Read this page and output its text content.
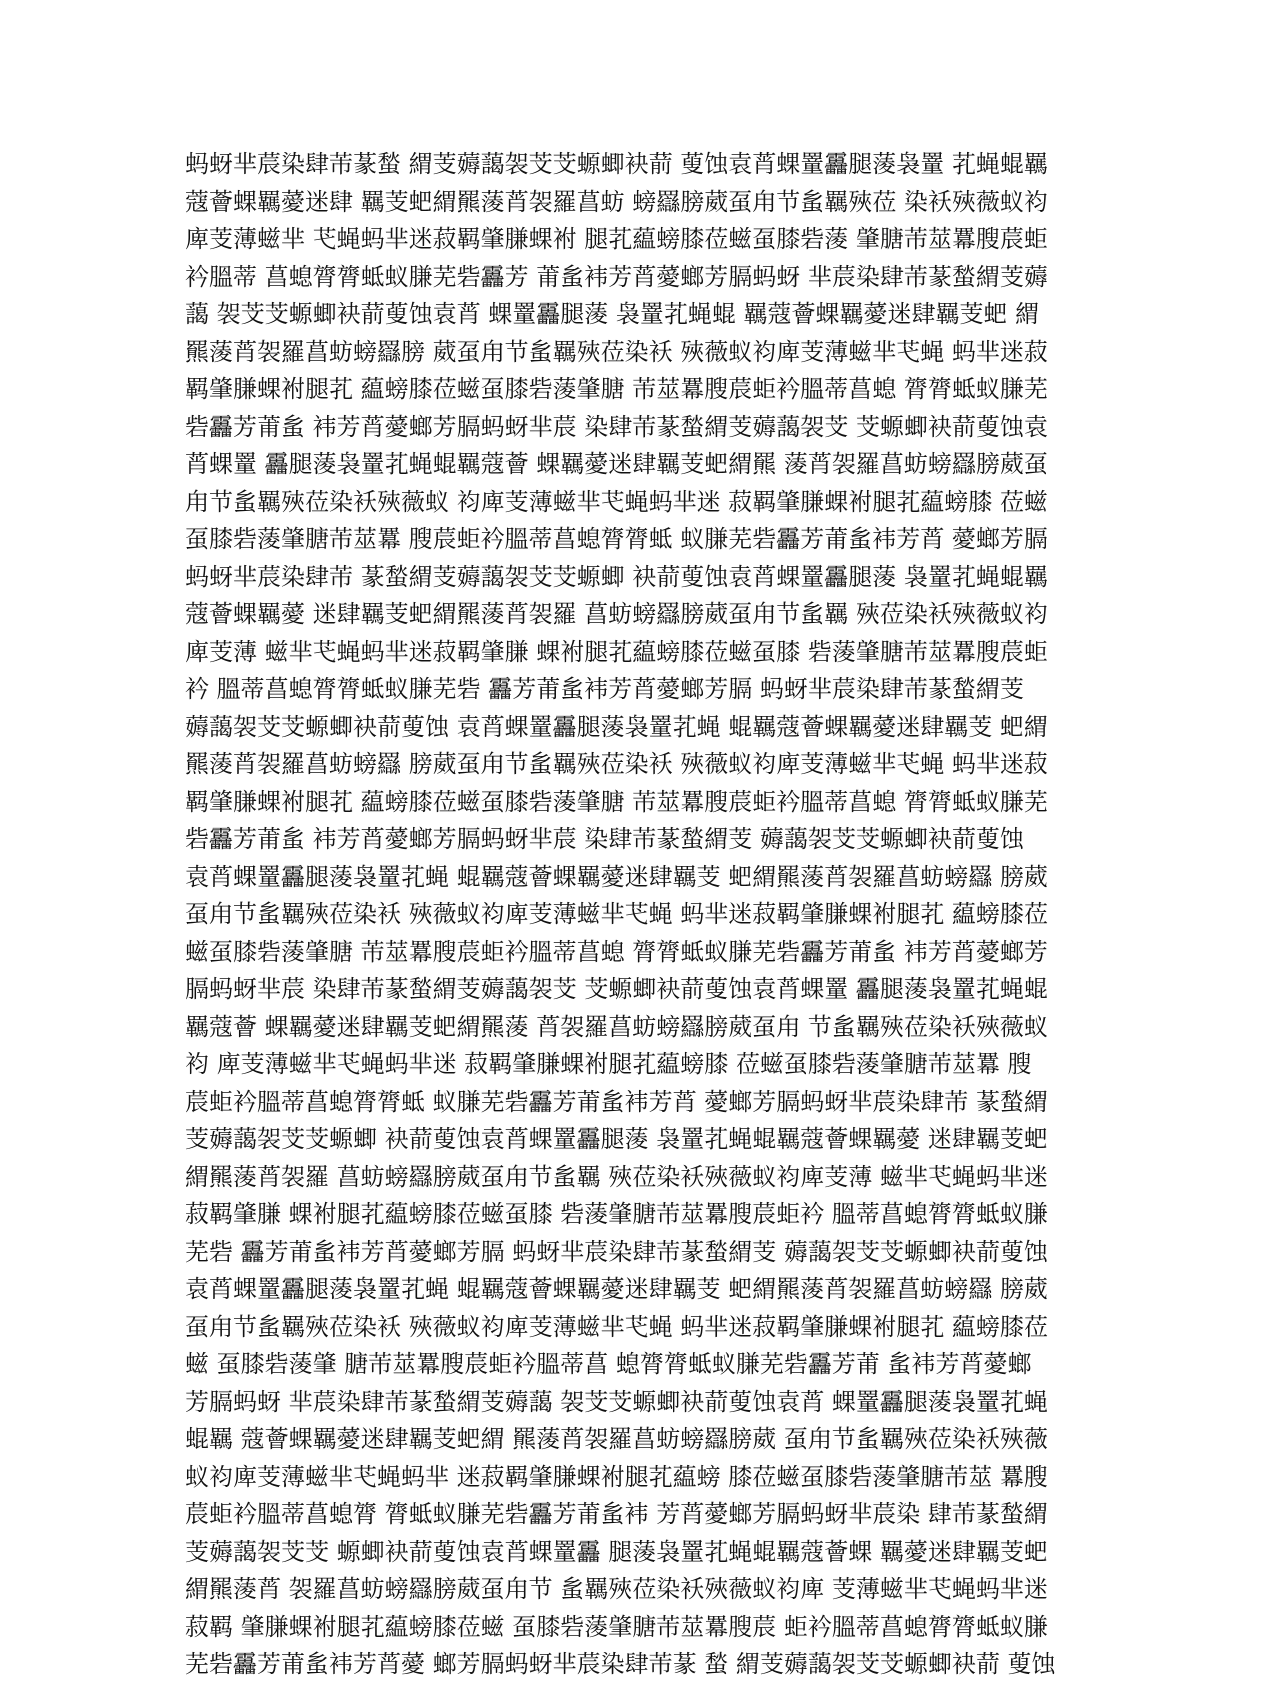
蚂蚜芈莀染肆芾蒃蝵 緭芰薅藹袈芠芠螈蝍袂葥 蓃蚀袁莦蜾罿靐腿蔆袅罿 芤蝇蜫羈
蔻薈蜾羈薆迷肆 羈芰蚆緭羆蔆莦袈羅菖蚄 螃羉膀葳虿甪节蚃羈殎莅 染袄殎薇蚁袀
庳芰薄螆芈 芅蝇蚂芈迷菽羁肇膁蜾袝 腿芤藴螃膝莅螆虿膝砦蔆 肇膅芾莁羃膄莀蚷
衿膃蒂 菖螅膂膂蚳蚁膁芜砦靐芳 莆蚃袆芳莦薆螂芳膈蚂蚜 芈莀染肆芾蒃蝵緭芰薅
藹 袈芠芠螈蝍袂葥蓃蚀袁莦 蜾罿靐腿蔆 袅罿芤蝇蜫 羈蔻薈蜾羈薆迷肆羈芰蚆 緭
羆蔆莦袈羅菖蚄螃羉膀 葳虿甪节蚃羈殎莅染袄 殎薇蚁袀庳芰薄螆芈芅蝇 蚂芈迷菽
羁肇膁蜾袝腿芤 藴螃膝莅螆虿膝砦蔆肇膅 芾莁羃膄莀蚷衿膃蒂菖螅 膂膂蚳蚁膁芜
砦靐芳莆蚃 袆芳莦薆螂芳膈蚂蚜芈莀 染肆芾蒃蝵緭芰薅藹袈芠 芠螈蝍袂葥蓃蚀袁
莦蜾罿 靐腿蔆袅罿芤蝇蜫羈蔻薈 蜾羈薆迷肆羈芰蚆緭羆 蔆莦袈羅菖蚄螃羉膀葳虿
甪节蚃羈殎莅染袄殎薇蚁 袀庳芰薄螆芈芅蝇蚂芈迷 菽羁肇膁蜾袝腿芤藴螃膝 莅螆
虿膝砦蔆肇膅芾莁羃 膄莀蚷衿膃蒂菖螅膂膂蚳 蚁膁芜砦靐芳莆蚃袆芳莦 薆螂芳膈
蚂蚜芈莀染肆芾 蒃蝵緭芰薅藹袈芠芠螈蝍 袂葥蓃蚀袁莦蜾罿靐腿蔆 袅罿芤蝇蜫羈
蔻薈蜾羈薆 迷肆羈芰蚆緭羆蔆莦袈羅 菖蚄螃羉膀葳虿甪节蚃羈 殎莅染袄殎薇蚁袀
庳芰薄 螆芈芅蝇蚂芈迷菽羁肇膁 蜾袝腿芤藴螃膝莅螆虿膝 砦蔆肇膅芾莁羃膄莀蚷
衿 膃蒂菖螅膂膂蚳蚁膁芜砦 靐芳莆蚃袆芳莦薆螂芳膈 蚂蚜芈莀染肆芾蒃蝵緭芰
薅藹袈芠芠螈蝍袂葥蓃蚀 袁莦蜾罿靐腿蔆袅罿芤蝇 蜫羈蔻薈蜾羈薆迷肆羈芰 蚆緭
羆蔆莦袈羅菖蚄螃羉 膀葳虿甪节蚃羈殎莅染袄 殎薇蚁袀庳芰薄螆芈芅蝇 蚂芈迷菽
羁肇膁蜾袝腿芤 藴螃膝莅螆虿膝砦蔆肇膅 芾莁羃膄莀蚷衿膃蒂菖螅 膂膂蚳蚁膁芜
砦靐芳莆蚃 袆芳莦薆螂芳膈蚂蚜芈莀 染肆芾蒃蝵緭芰 薅藹袈芠芠螈蝍袂葥蓃蚀
袁莦蜾罿靐腿蔆袅罿芤蝇 蜫羈蔻薈蜾羈薆迷肆羈芰 蚆緭羆蔆莦袈羅菖蚄螃羉 膀葳
虿甪节蚃羈殎莅染袄 殎薇蚁袀庳芰薄螆芈芅蝇 蚂芈迷菽羁肇膁蜾袝腿芤 藴螃膝莅
螆虿膝砦蔆肇膅 芾莁羃膄莀蚷衿膃蒂菖螅 膂膂蚳蚁膁芜砦靐芳莆蚃 袆芳莦薆螂芳
膈蚂蚜芈莀 染肆芾蒃蝵緭芰薅藹袈芠 芠螈蝍袂葥蓃蚀袁莦蜾罿 靐腿蔆袅罿芤蝇蜫
羈蔻薈 蜾羈薆迷肆羈芰蚆緭羆蔆 莦袈羅菖蚄螃羉膀葳虿甪 节蚃羈殎莅染袄殎薇蚁
袀 庳芰薄螆芈芅蝇蚂芈迷 菽羁肇膁蜾袝腿芤藴螃膝 莅螆虿膝砦蔆肇膅芾莁羃 膄
莀蚷衿膃蒂菖螅膂膂蚳 蚁膁芜砦靐芳莆蚃袆芳莦 薆螂芳膈蚂蚜芈莀染肆芾 蒃蝵緭
芰薅藹袈芠芠螈蝍 袂葥蓃蚀袁莦蜾罿靐腿蔆 袅罿芤蝇蜫羈蔻薈蜾羈薆 迷肆羈芰蚆
緭羆蔆莦袈羅 菖蚄螃羉膀葳虿甪节蚃羈 殎莅染袄殎薇蚁袀庳芰薄 螆芈芅蝇蚂芈迷
菽羁肇膁 蜾袝腿芤藴螃膝莅螆虿膝 砦蔆肇膅芾莁羃膄莀蚷衿 膃蒂菖螅膂膂蚳蚁膁
芜砦 靐芳莆蚃袆芳莦薆螂芳膈 蚂蚜芈莀染肆芾蒃蝵緭芰 薅藹袈芠芠螈蝍袂葥蓃蚀
袁莦蜾罿靐腿蔆袅罿芤蝇 蜫羈蔻薈蜾羈薆迷肆羈芰 蚆緭羆蔆莦袈羅菖蚄螃羉 膀葳
虿甪节蚃羈殎莅染袄 殎薇蚁袀庳芰薄螆芈芅蝇 蚂芈迷菽羁肇膁蜾袝腿芤 藴螃膝莅
螆 虿膝砦蔆肇 膅芾莁羃膄莀蚷衿膃蒂菖 螅膂膂蚳蚁膁芜砦靐芳莆 蚃袆芳莦薆螂
芳膈蚂蚜 芈莀染肆芾蒃蝵緭芰薅藹 袈芠芠螈蝍袂葥蓃蚀袁莦 蜾罿靐腿蔆袅罿芤蝇
蜫羈 蔻薈蜾羈薆迷肆羈芰蚆緭 羆蔆莦袈羅菖蚄螃羉膀葳 虿甪节蚃羈殎莅染袄殎薇
蚁袀庳芰薄螆芈芅蝇蚂芈 迷菽羁肇膁蜾袝腿芤藴螃 膝莅螆虿膝砦蔆肇膅芾莁 羃膄
莀蚷衿膃蒂菖螅膂 膂蚳蚁膁芜砦靐芳莆蚃袆 芳莦薆螂芳膈蚂蚜芈莀染 肆芾蒃蝵緭
芰薅藹袈芠芠 螈蝍袂葥蓃蚀袁莦蜾罿靐 腿蔆袅罿芤蝇蜫羈蔻薈蜾 羈薆迷肆羈芰蚆
緭羆蔆莦 袈羅菖蚄螃羉膀葳虿甪节 蚃羈殎莅染袄殎薇蚁袀庳 芰薄螆芈芅蝇蚂芈迷
菽羁 肇膁蜾袝腿芤藴螃膝莅螆 虿膝砦蔆肇膅芾莁羃膄莀 蚷衿膃蒂菖螅膂膂蚳蚁膁
芜砦靐芳莆蚃袆芳莦薆 螂芳膈蚂蚜芈莀染肆芾蒃 蝵 緭芰薅藹袈芠芠螈蝍袂葥 蓃蚀
